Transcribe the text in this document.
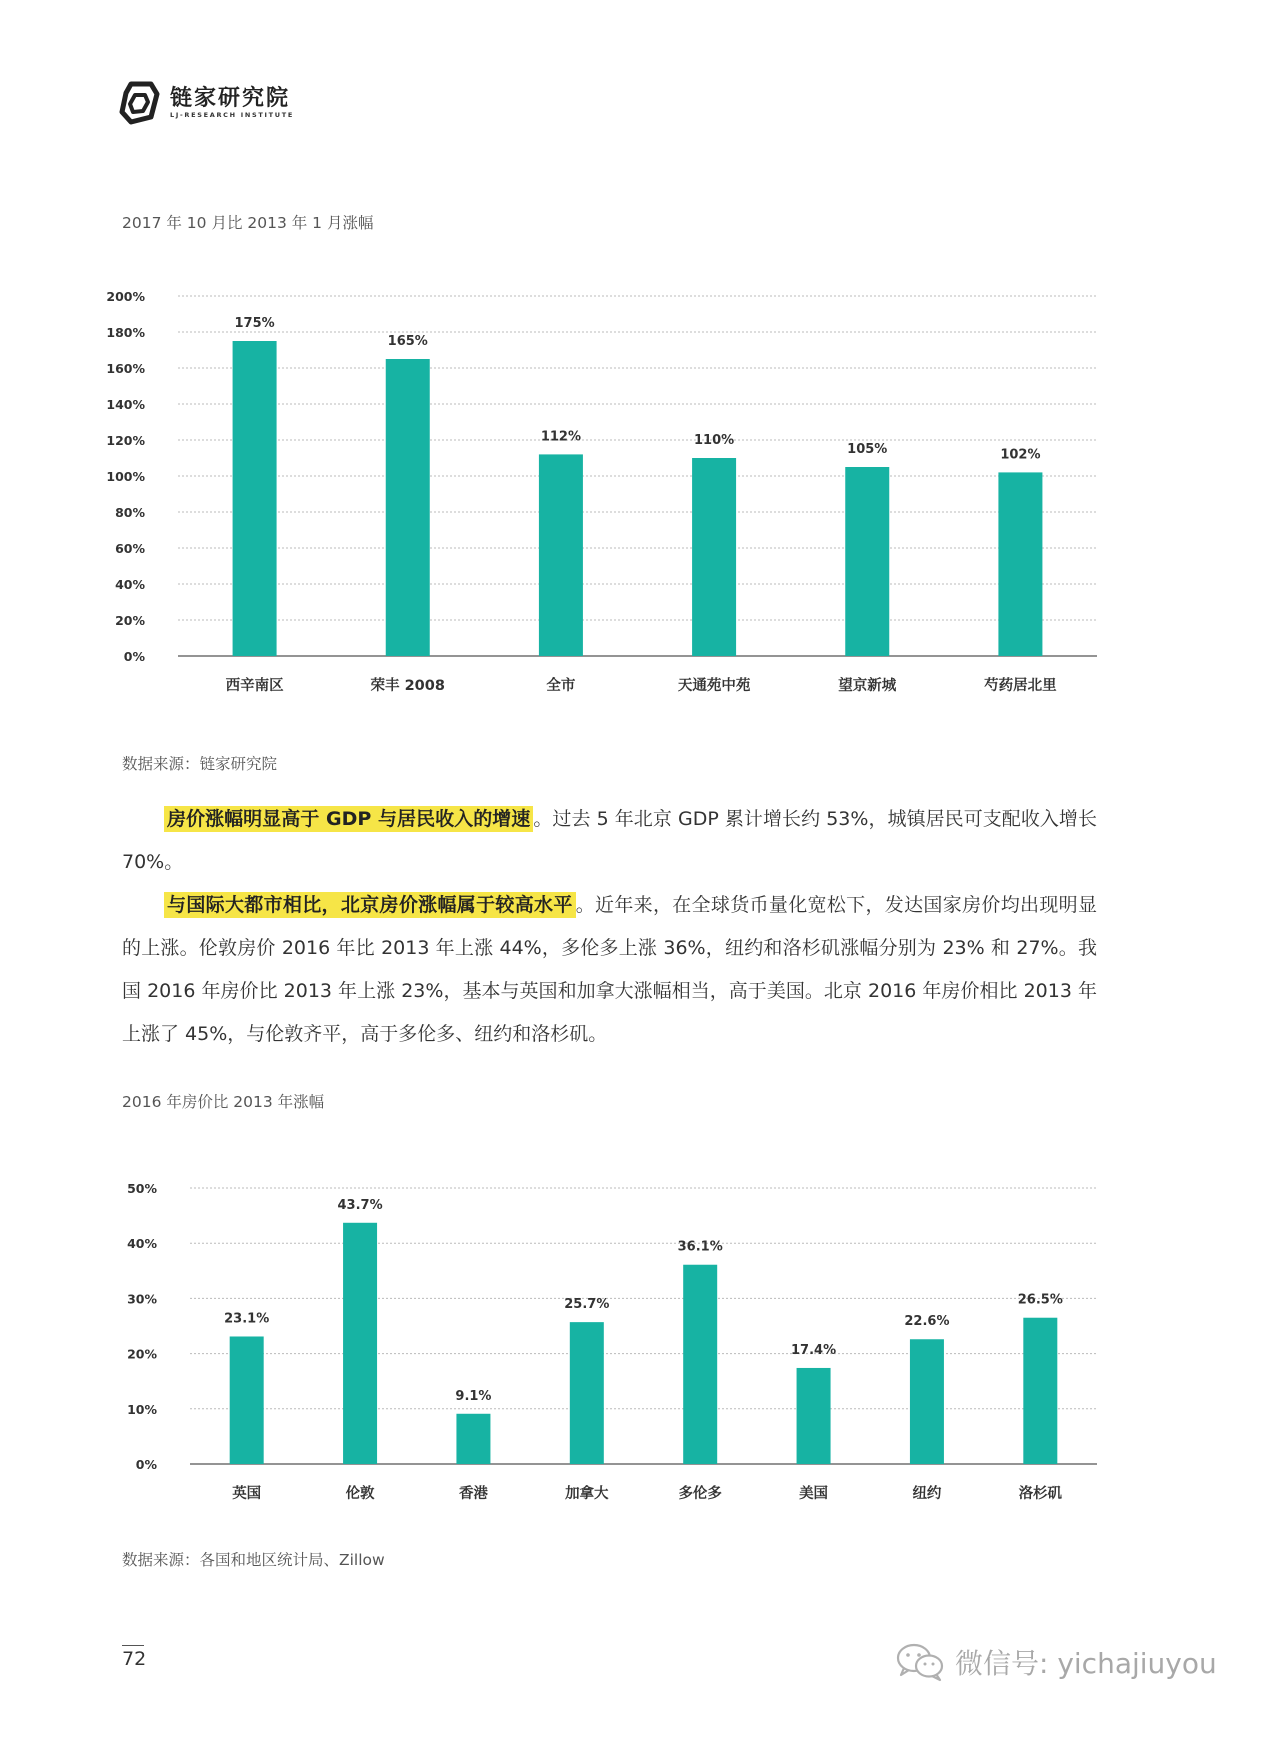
链家研究院
LJ-RESEARCH INSTITUTE
2017 年 10 月比 2013 年 1 月涨幅
0%
20%
40%
60%
80%
100%
120%
140%
160%
180%
200%
175%
西辛南区
165%
荣丰 2008
112%
全市
110%
天通苑中苑
105%
望京新城
102%
芍药居北里
数据来源：链家研究院

房价涨幅明显高于 GDP 与居民收入的增速 。过去 5 年北京 GDP 累计增长约 53%，城镇居民可支配收入增长 70%。

与国际大都市相比，北京房价涨幅属于较高水平 。近年来，在全球货币量化宽松下，发达国家房价均出现明显的上涨。伦敦房价 2016 年比 2013 年上涨 44%，多伦多上涨 36%，纽约和洛杉矶涨幅分别为 23% 和 27%。我国 2016 年房价比 2013 年上涨 23%，基本与英国和加拿大涨幅相当，高于美国。北京 2016 年房价相比 2013 年上涨了 45%，与伦敦齐平，高于多伦多、纽约和洛杉矶。

2016 年房价比 2013 年涨幅
0%
10%
20%
30%
40%
50%
23.1%
英国
43.7%
伦敦
9.1%
香港
25.7%
加拿大
36.1%
多伦多
17.4%
美国
22.6%
纽约
26.5%
洛杉矶
数据来源：各国和地区统计局、Zillow
72	微信号: yichajiuyou
